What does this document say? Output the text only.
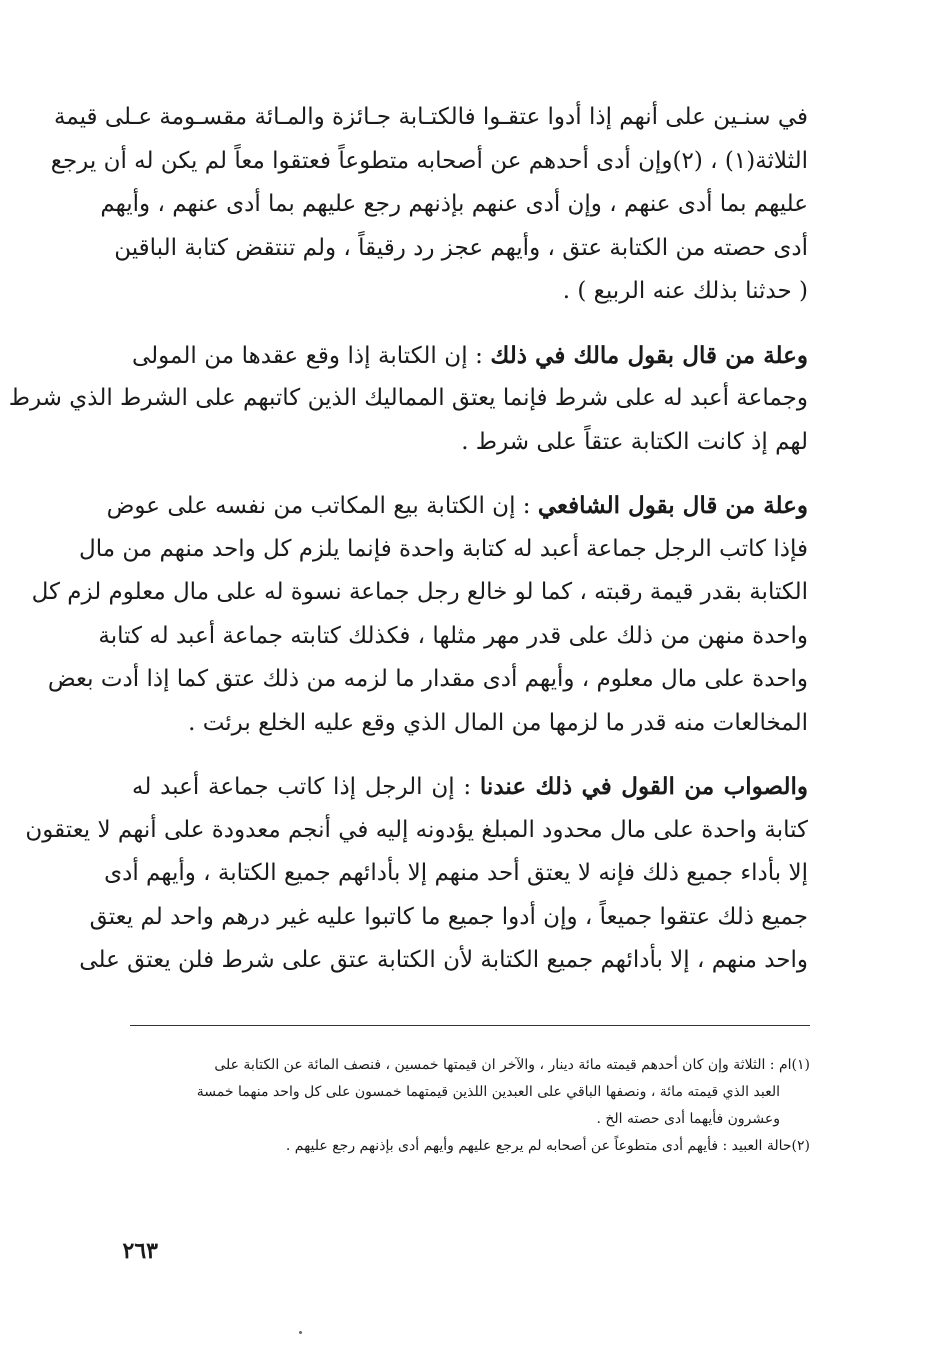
في سنـين على أنهم إذا أدوا عتقـوا فالكتـابة جـائزة والمـائة مقسـومة عـلى قيمة
الثلاثة(١) ، (٢)وإن أدى أحدهم عن أصحابه متطوعاً فعتقوا معاً لم يكن له أن يرجع
عليهم بما أدى عنهم ، وإن أدى عنهم بإذنهم رجع عليهم بما أدى عنهم ، وأيهم
أدى حصته من الكتابة عتق ، وأيهم عجز رد رقيقاً ، ولم تنتقض كتابة الباقين
( حدثنا بذلك عنه الربيع ) .
وعلة من قال بقول مالك في ذلك : إن الكتابة إذا وقع عقدها من المولى
وجماعة أعبد له على شرط فإنما يعتق المماليك الذين كاتبهم على الشرط الذي شرط
لهم إذ كانت الكتابة عتقاً على شرط .
وعلة من قال بقول الشافعي : إن الكتابة بيع المكاتب من نفسه على عوض
فإذا كاتب الرجل جماعة أعبد له كتابة واحدة فإنما يلزم كل واحد منهم من مال
الكتابة بقدر قيمة رقبته ، كما لو خالع رجل جماعة نسوة له على مال معلوم لزم كل
واحدة منهن من ذلك على قدر مهر مثلها ، فكذلك كتابته جماعة أعبد له كتابة
واحدة على مال معلوم ، وأيهم أدى مقدار ما لزمه من ذلك عتق كما إذا أدت بعض
المخالعات منه قدر ما لزمها من المال الذي وقع عليه الخلع برئت .
والصواب من القول في ذلك عندنا : إن الرجل إذا كاتب جماعة أعبد له
كتابة واحدة على مال محدود المبلغ يؤدونه إليه في أنجم معدودة على أنهم لا يعتقون
إلا بأداء جميع ذلك فإنه لا يعتق أحد منهم إلا بأدائهم جميع الكتابة ، وأيهم أدى
جميع ذلك عتقوا جميعاً ، وإن أدوا جميع ما كاتبوا عليه غير درهم واحد لم يعتق
واحد منهم ، إلا بأدائهم جميع الكتابة لأن الكتابة عتق على شرط فلن يعتق على
(١)ام : الثلاثة وإن كان أحدهم قيمته مائة دينار ، والآخر ان قيمتها خمسين ، فنصف المائة عن الكتابة على
العبد الذي قيمته مائة ، ونصفها الباقي على العبدين اللذين قيمتهما خمسون على كل واحد منهما خمسة
وعشرون فأيهما أدى حصته الخ .
(٢)حالة العبيد : فأيهم أدى متطوعاً عن أصحابه لم يرجع عليهم وأيهم أدى بإذنهم رجع عليهم .
٢٦٣
